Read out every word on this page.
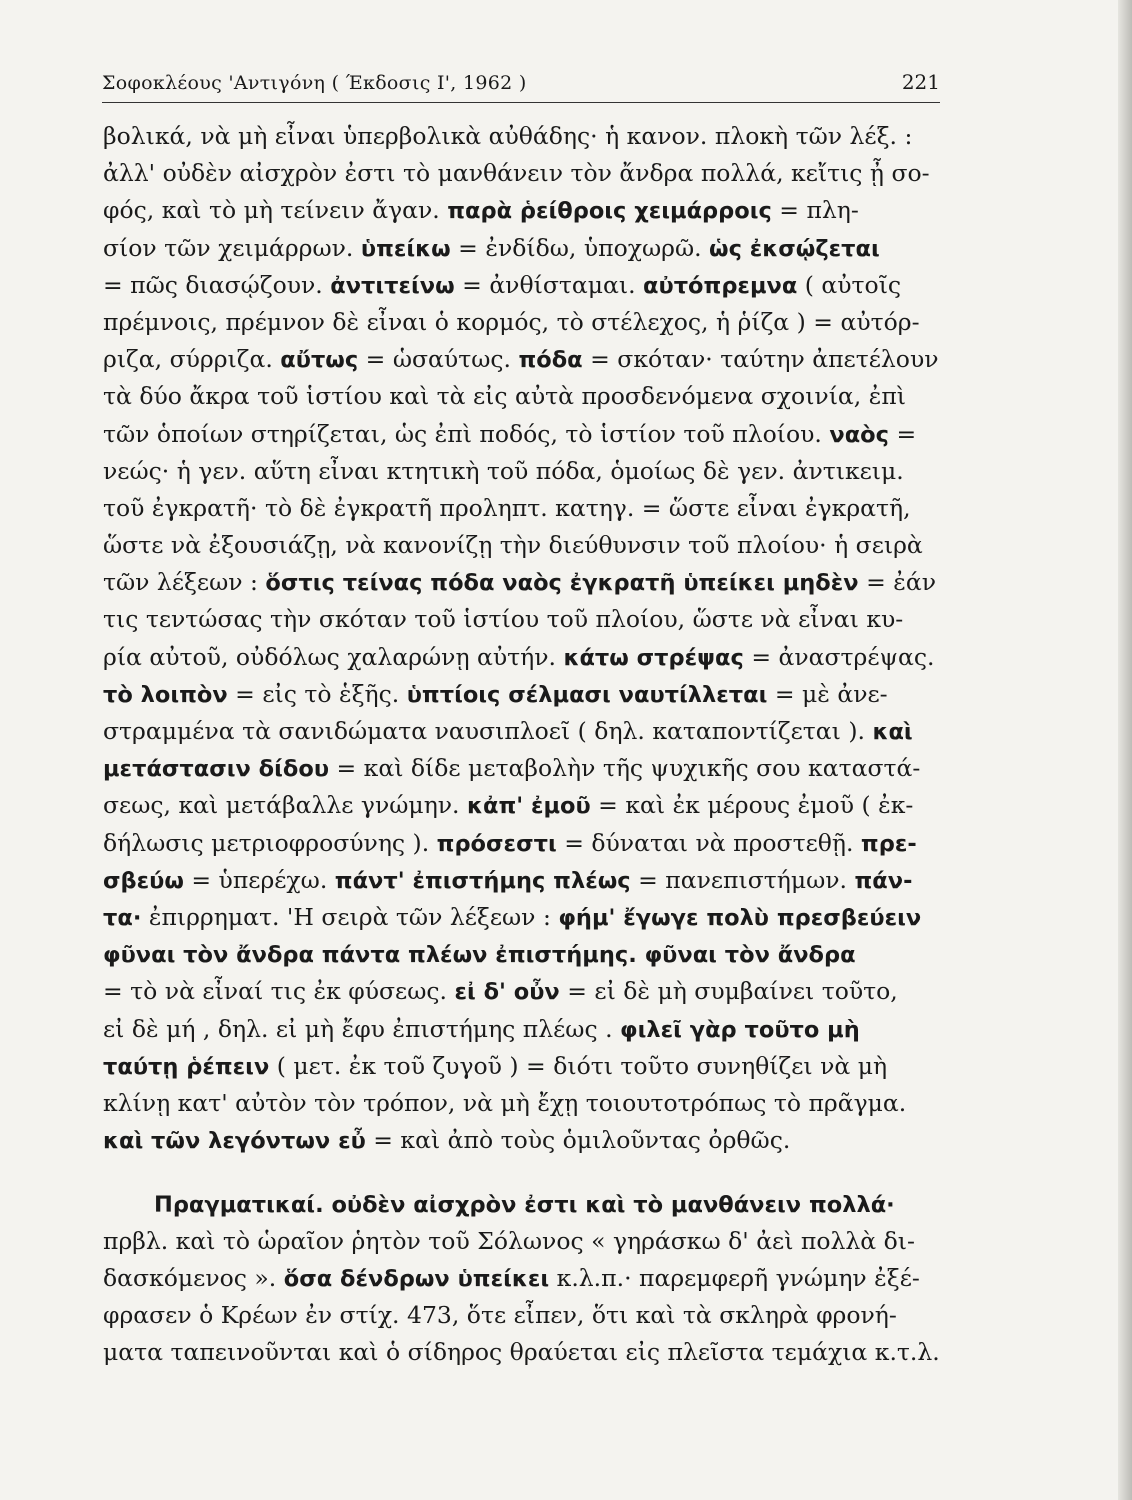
Σοφοκλέους 'Αντιγόνη ( Έκδοσις Ι', 1962 )	221
βολικά, νὰ μὴ εἶναι ὑπερβολικὰ αὐθάδης· ἡ κανον. πλοκὴ τῶν λέξ. :
ἀλλ' οὐδὲν αἰσχρὸν ἐστι τὸ μανθάνειν τὸν ἄνδρα πολλά, κεἴτις ᾖ σο-
φός, καὶ τὸ μὴ τείνειν ἄγαν. παρὰ ῥείθροις χειμάρροις = πλη-
σίον τῶν χειμάρρων. ὑπείκω = ἐνδίδω, ὑποχωρῶ. ὡς ἐκσῴζεται
= πῶς διασῴζουν. ἀντιτείνω = ἀνθίσταμαι. αὐτόπρεμνα ( αὐτοῖς
πρέμνοις, πρέμνον δὲ εἶναι ὁ κορμός, τὸ στέλεχος, ἡ ῥίζα ) = αὐτόρ-
ριζα, σύρριζα. αὔτως = ὡσαύτως. πόδα = σκόταν· ταύτην ἀπετέλουν
τὰ δύο ἄκρα τοῦ ἱστίου καὶ τὰ εἰς αὐτὰ προσδενόμενα σχοινία, ἐπὶ
τῶν ὁποίων στηρίζεται, ὡς ἐπὶ ποδός, τὸ ἱστίον τοῦ πλοίου. ναὸς =
νεώς· ἡ γεν. αὕτη εἶναι κτητικὴ τοῦ πόδα, ὁμοίως δὲ γεν. ἀντικειμ.
τοῦ ἐγκρατῆ· τὸ δὲ ἐγκρατῆ προληπτ. κατηγ. = ὥστε εἶναι ἐγκρατῆ,
ὥστε νὰ ἐξουσιάζῃ, νὰ κανονίζῃ τὴν διεύθυνσιν τοῦ πλοίου· ἡ σειρὰ
τῶν λέξεων : ὅστις τείνας πόδα ναὸς ἐγκρατῆ ὑπείκει μηδὲν = ἐάν
τις τεντώσας τὴν σκόταν τοῦ ἱστίου τοῦ πλοίου, ὥστε νὰ εἶναι κυ-
ρία αὐτοῦ, οὐδόλως χαλαρώνῃ αὐτήν. κάτω στρέψας = ἀναστρέψας.
τὸ λοιπὸν = εἰς τὸ ἑξῆς. ὑπτίοις σέλμασι ναυτίλλεται = μὲ ἀνε-
στραμμένα τὰ σανιδώματα ναυσιπλοεῖ ( δηλ. καταποντίζεται ). καὶ
μετάστασιν δίδου = καὶ δίδε μεταβολὴν τῆς ψυχικῆς σου καταστά-
σεως, καὶ μετάβαλλε γνώμην. κἀπ' ἐμοῦ = καὶ ἐκ μέρους ἐμοῦ ( ἐκ-
δήλωσις μετριοφροσύνης ). πρόσεστι = δύναται νὰ προστεθῇ. πρε-
σβεύω = ὑπερέχω. πάντ' ἐπιστήμης πλέως = πανεπιστήμων. πάν-
τα· ἐπιρρηματ. 'Η σειρὰ τῶν λέξεων : φήμ' ἔγωγε πολὺ πρεσβεύειν
φῦναι τὸν ἄνδρα πάντα πλέων ἐπιστήμης. φῦναι τὸν ἄνδρα
= τὸ νὰ εἶναί τις ἐκ φύσεως. εἰ δ' οὖν = εἰ δὲ μὴ συμβαίνει τοῦτο,
εἰ δὲ μή , δηλ. εἰ μὴ ἔφυ ἐπιστήμης πλέως . φιλεῖ γὰρ τοῦτο μὴ
ταύτῃ ῥέπειν ( μετ. ἐκ τοῦ ζυγοῦ ) = διότι τοῦτο συνηθίζει νὰ μὴ
κλίνῃ κατ' αὐτὸν τὸν τρόπον, νὰ μὴ ἔχῃ τοιουτοτρόπως τὸ πρᾶγμα.
καὶ τῶν λεγόντων εὖ = καὶ ἀπὸ τοὺς ὁμιλοῦντας ὀρθῶς.
Πραγματικαί. οὐδὲν αἰσχρὸν ἐστι καὶ τὸ μανθάνειν πολλά·
πρβλ. καὶ τὸ ὡραῖον ῥητὸν τοῦ Σόλωνος « γηράσκω δ' ἀεὶ πολλὰ δι-
δασκόμενος ». ὅσα δένδρων ὑπείκει κ.λ.π.· παρεμφερῆ γνώμην ἐξέ-
φρασεν ὁ Κρέων ἐν στίχ. 473, ὅτε εἶπεν, ὅτι καὶ τὰ σκληρὰ φρονή-
ματα ταπεινοῦνται καὶ ὁ σίδηρος θραύεται εἰς πλεῖστα τεμάχια κ.τ.λ.
